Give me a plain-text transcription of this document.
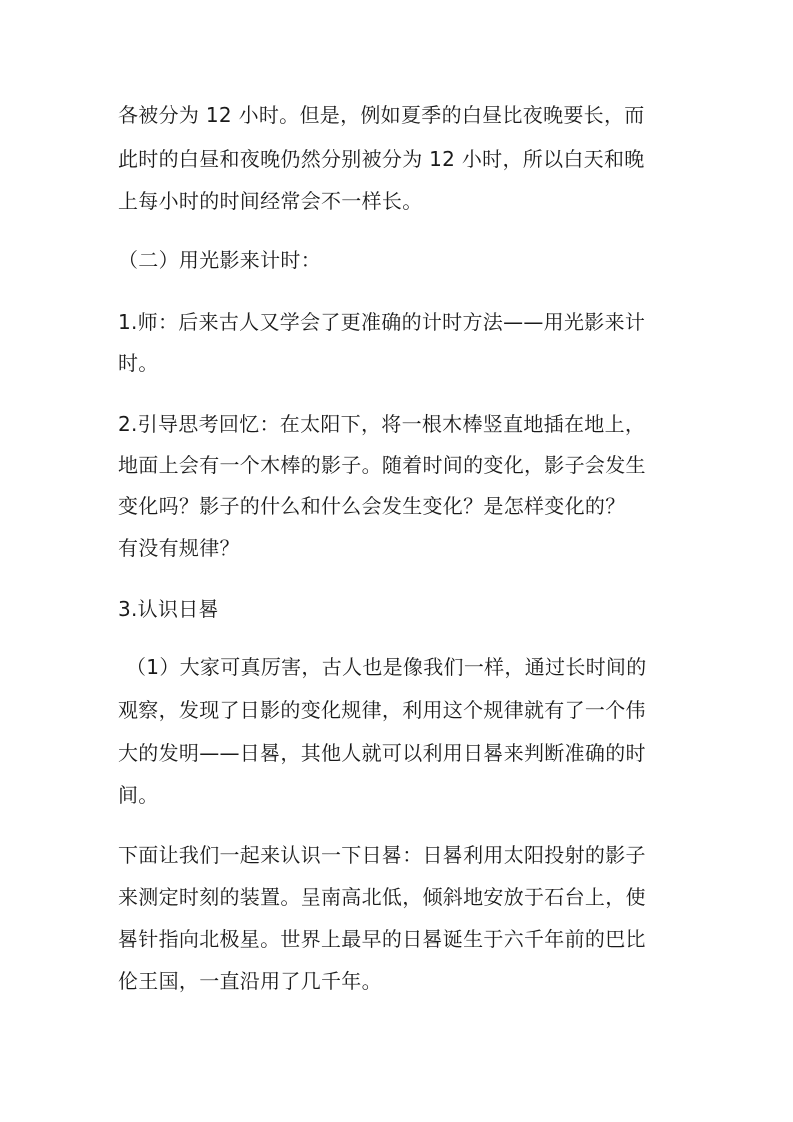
各被分为 12 小时。但是，例如夏季的白昼比夜晚要长，而
此时的白昼和夜晚仍然分别被分为 12 小时，所以白天和晚
上每小时的时间经常会不一样长。
（二）用光影来计时：
1.师：后来古人又学会了更准确的计时方法——用光影来计
时。
2.引导思考回忆：在太阳下，将一根木棒竖直地插在地上，
地面上会有一个木棒的影子。随着时间的变化，影子会发生
变化吗？影子的什么和什么会发生变化？是怎样变化的？
有没有规律？
3.认识日晷
（1）大家可真厉害，古人也是像我们一样，通过长时间的
观察，发现了日影的变化规律，利用这个规律就有了一个伟
大的发明——日晷，其他人就可以利用日晷来判断准确的时
间。
下面让我们一起来认识一下日晷：日晷利用太阳投射的影子
来测定时刻的装置。呈南高北低，倾斜地安放于石台上，使
晷针指向北极星。世界上最早的日晷诞生于六千年前的巴比
伦王国，一直沿用了几千年。
